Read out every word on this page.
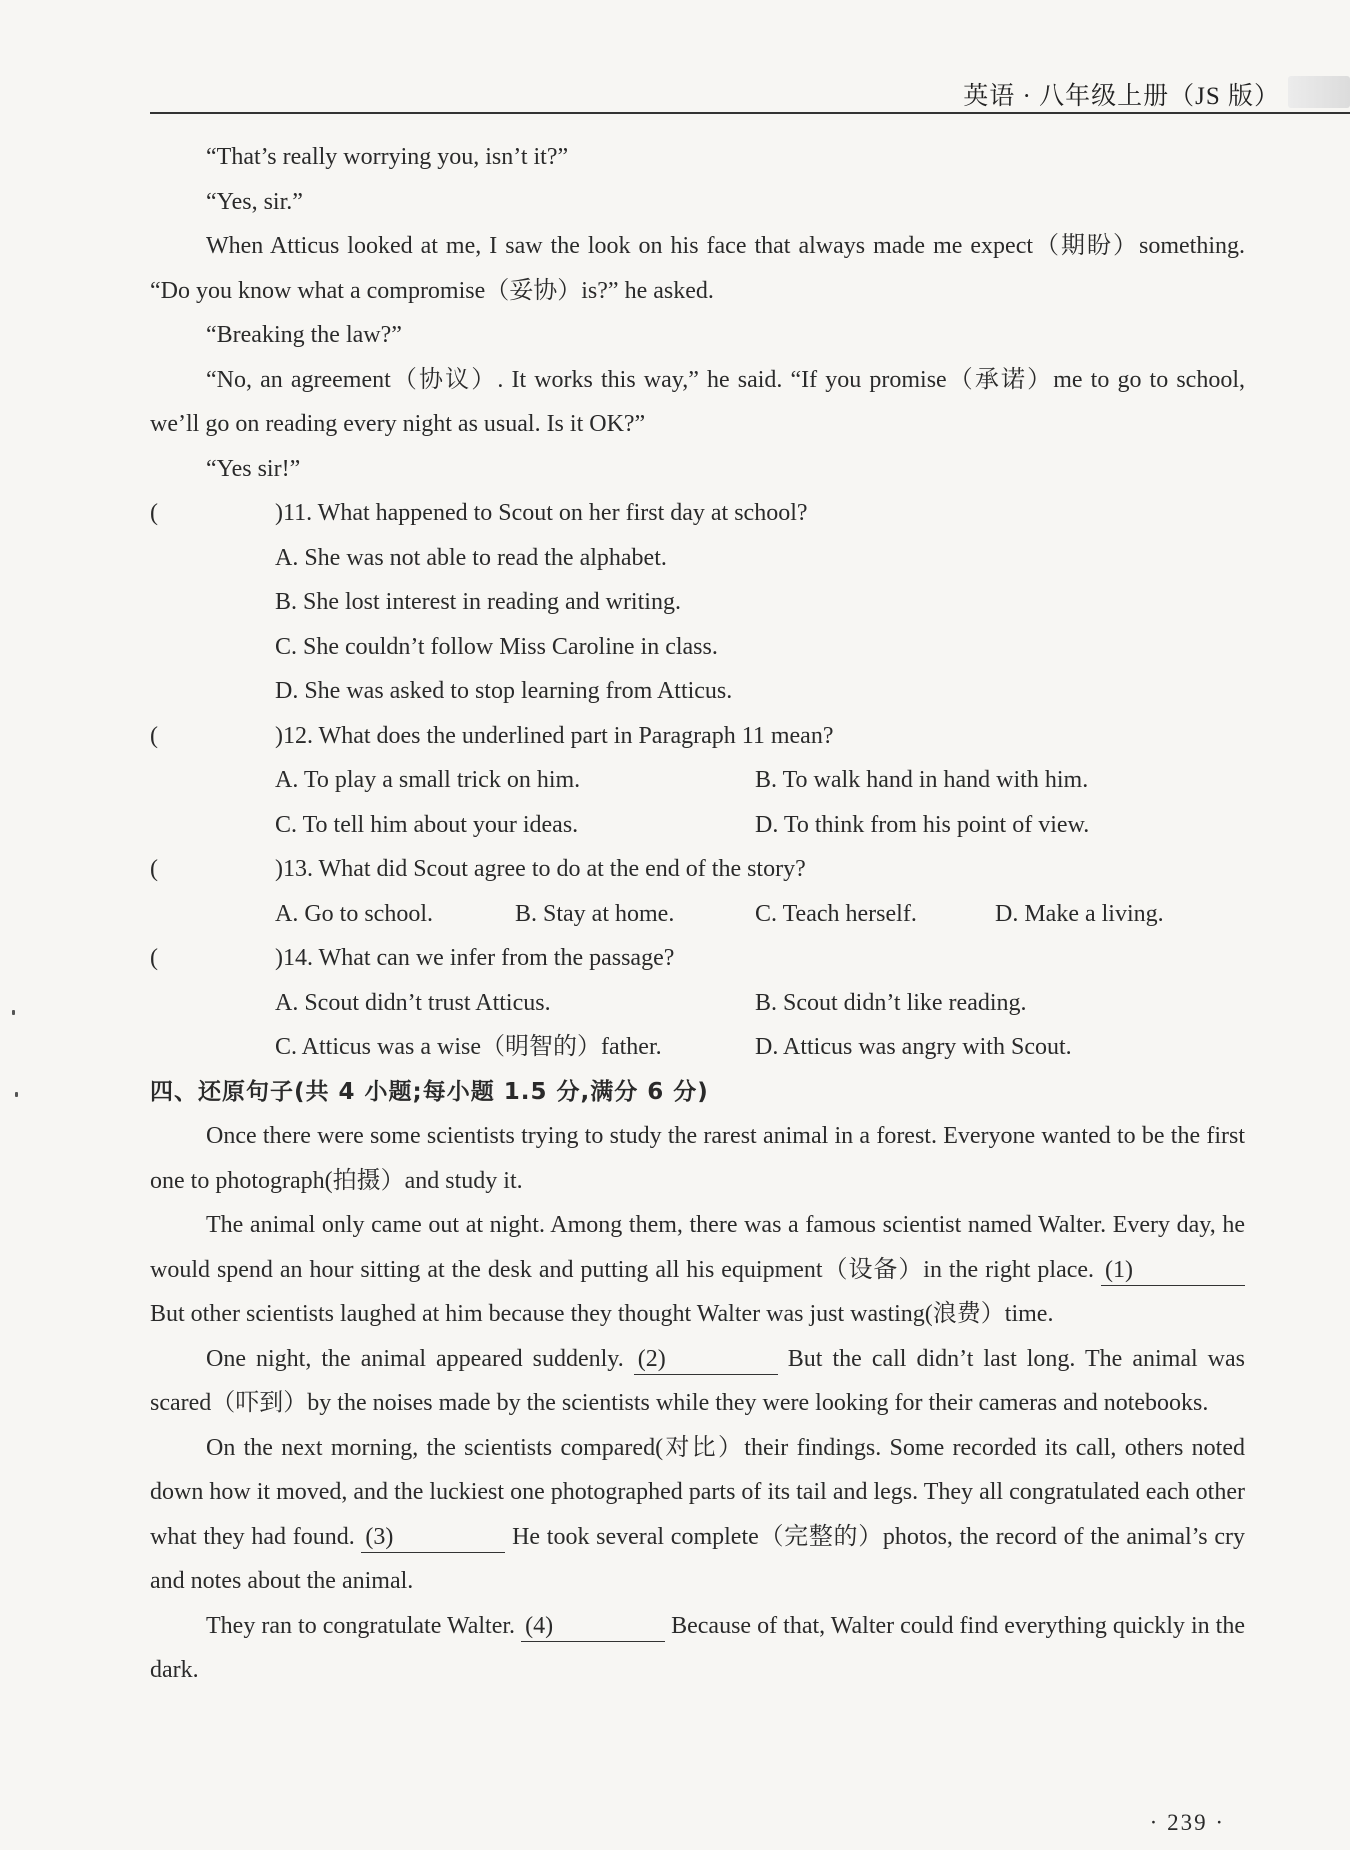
英语 · 八年级上册（JS 版）

“That’s really worrying you, isn’t it?”

“Yes, sir.”

When Atticus looked at me, I saw the look on his face that always made me expect（期盼）something. “Do you know what a compromise（妥协）is?” he asked.

“Breaking the law?”

“No, an agreement（协议）. It works this way,” he said. “If you promise（承诺）me to go to school, we’ll go on reading every night as usual. Is it OK?”

“Yes sir!”

(	)11. What happened to Scout on her first day at school?

A. She was not able to read the alphabet.

B. She lost interest in reading and writing.

C. She couldn’t follow Miss Caroline in class.

D. She was asked to stop learning from Atticus.

(	)12. What does the underlined part in Paragraph 11 mean?

A. To play a small trick on him.	B. To walk hand in hand with him.
C. To tell him about your ideas.	D. To think from his point of view.

(	)13. What did Scout agree to do at the end of the story?

A. Go to school.	B. Stay at home.	C. Teach herself.	D. Make a living.

(	)14. What can we infer from the passage?

A. Scout didn’t trust Atticus.	B. Scout didn’t like reading.
C. Atticus was a wise（明智的）father.	D. Atticus was angry with Scout.

四、还原句子(共 4 小题;每小题 1.5 分,满分 6 分)

Once there were some scientists trying to study the rarest animal in a forest. Everyone wanted to be the first one to photograph(拍摄）and study it.

The animal only came out at night. Among them, there was a famous scientist named Walter. Every day, he would spend an hour sitting at the desk and putting all his equipment（设备）in the right place. (1) But other scientists laughed at him because they thought Walter was just wasting(浪费）time.

One night, the animal appeared suddenly. (2)	But the call didn’t last long. The animal was scared（吓到）by the noises made by the scientists while they were looking for their cameras and notebooks.

On the next morning, the scientists compared(对比）their findings. Some recorded its call, others noted down how it moved, and the luckiest one photographed parts of its tail and legs. They all congratulated each other what they had found. (3)	He took several complete（完整的）photos, the record of the animal’s cry and notes about the animal.

They ran to congratulate Walter. (4)	Because of that, Walter could find everything quickly in the dark.

· 239 ·
